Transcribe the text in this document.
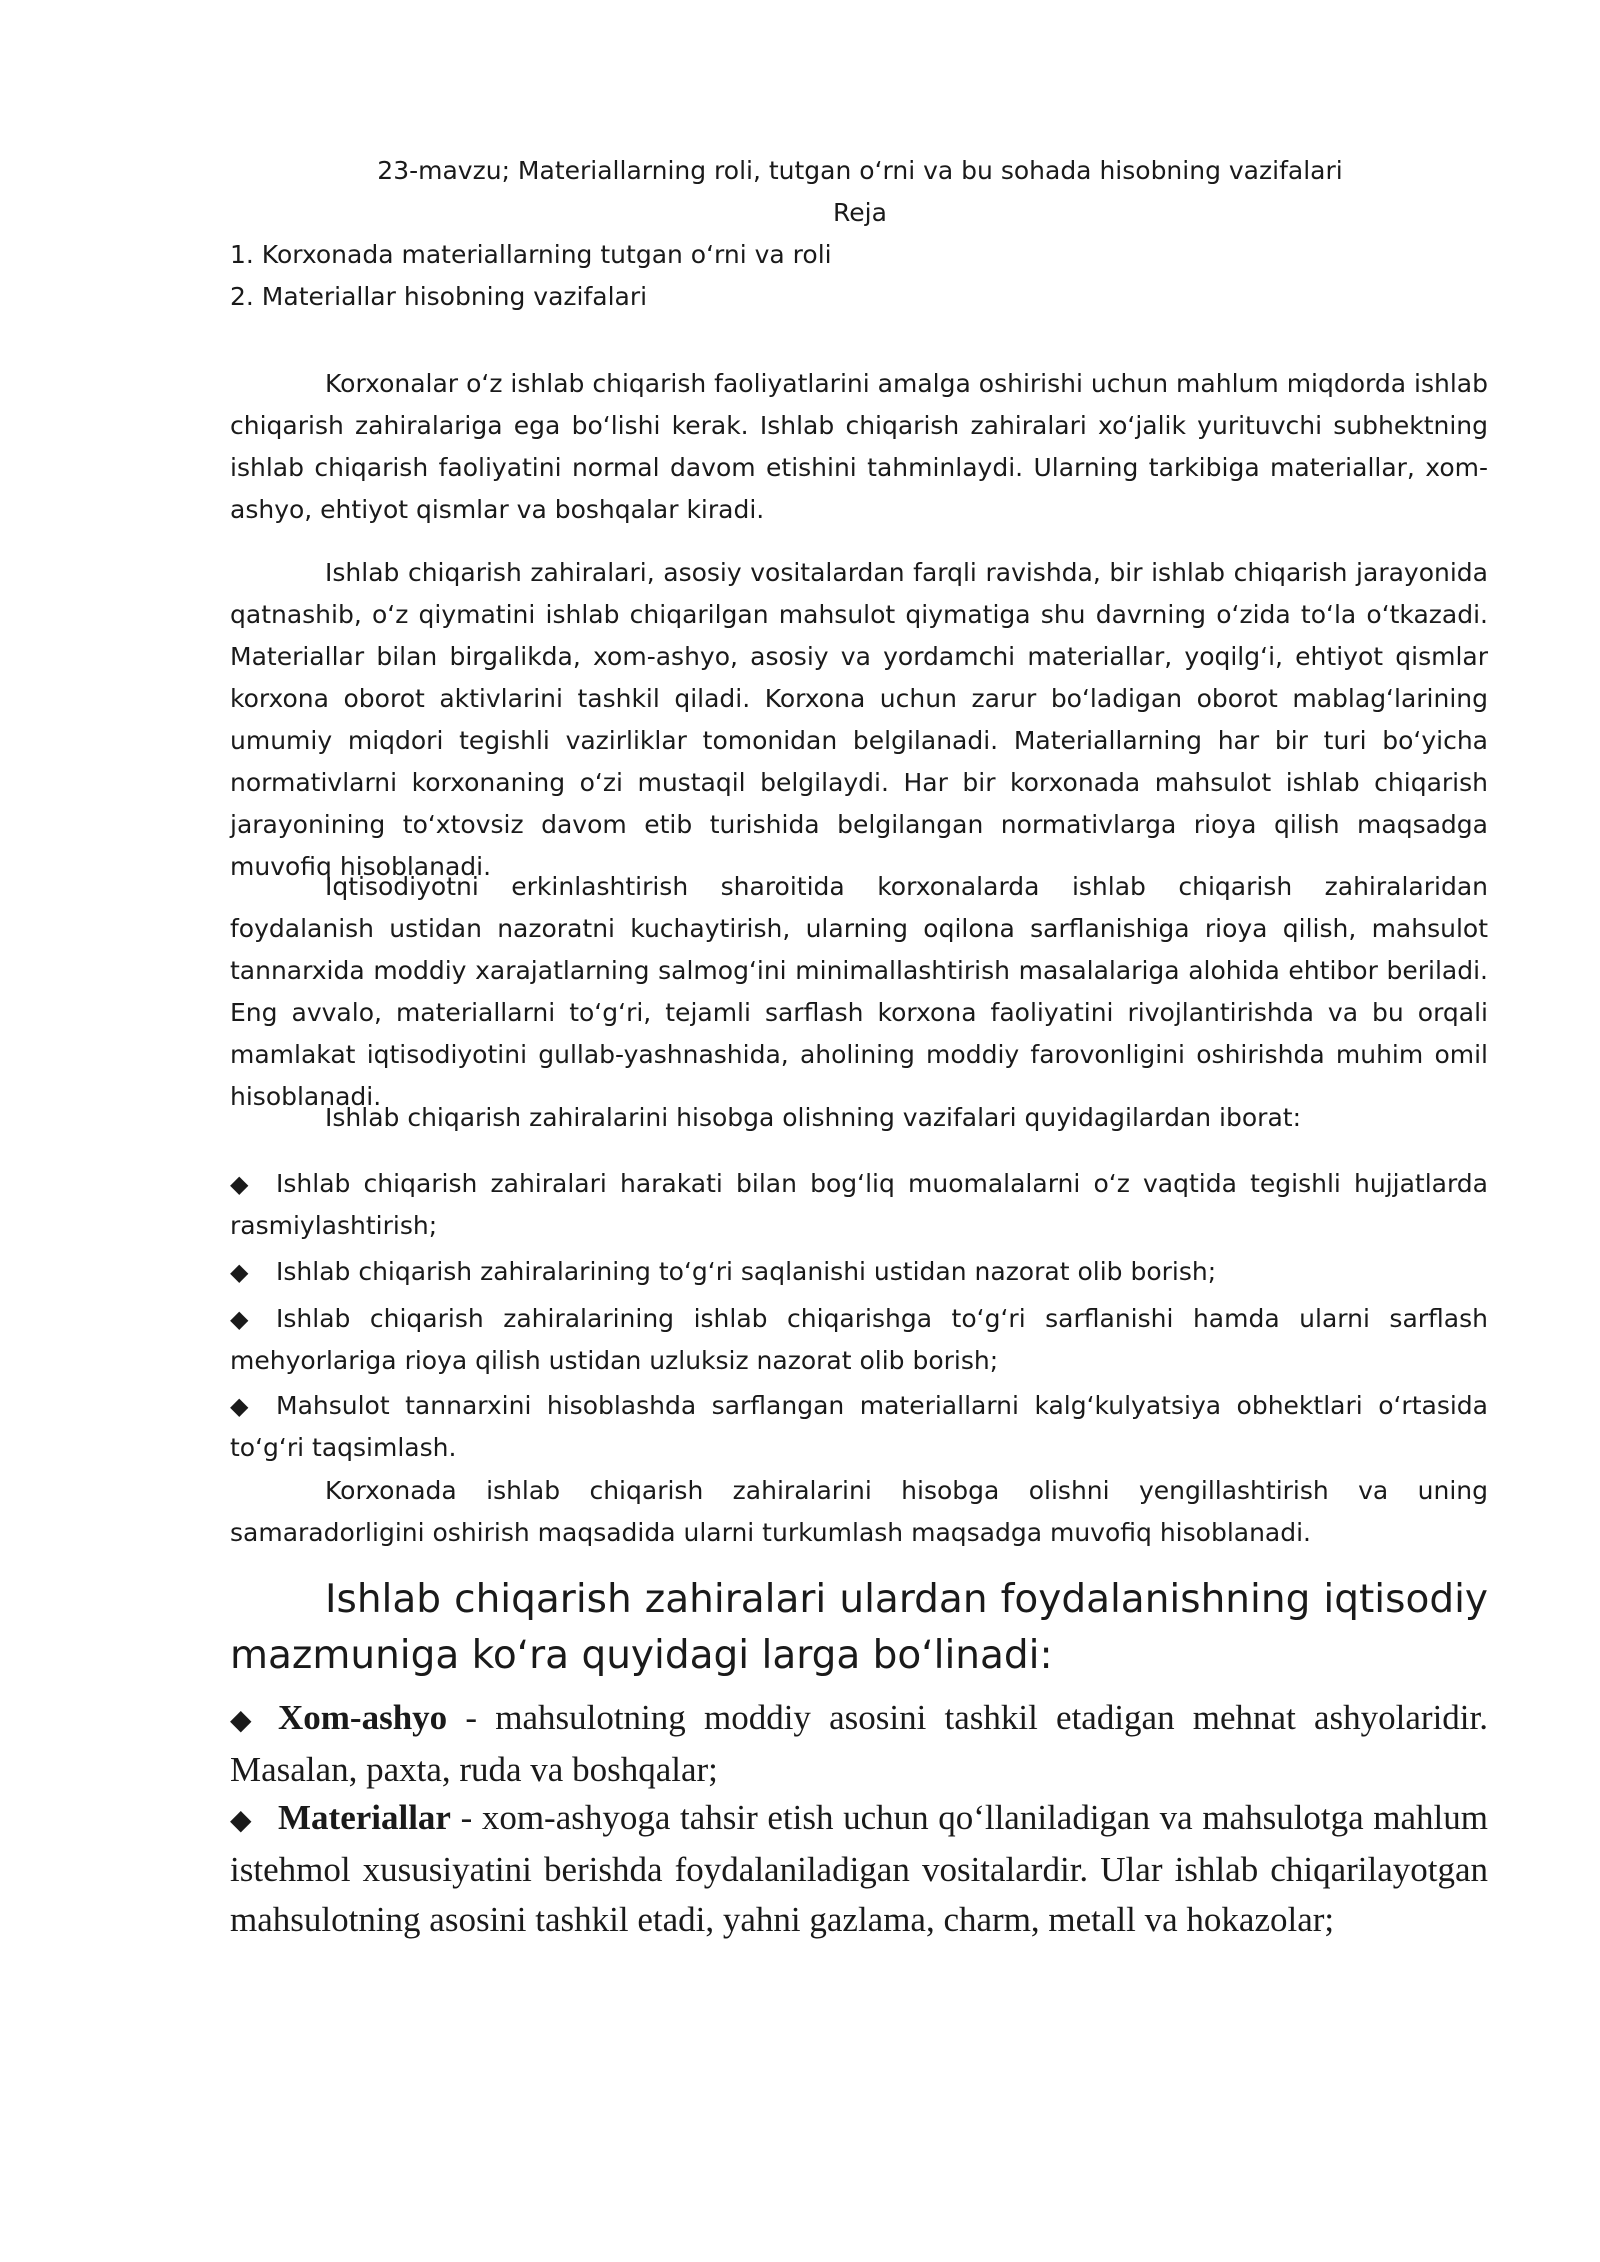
23-mavzu; Materiallarning roli, tutgan oʻrni va bu sohada hisobning vazifalari
Reja
1. Korxonada materiallarning tutgan oʻrni va roli
2. Materiallar hisobning vazifalari

Korxonalar oʻz ishlab chiqarish faoliyatlarini amalga oshirishi uchun mahlum miqdorda ishlab chiqarish zahiralariga ega boʻlishi kerak. Ishlab chiqarish zahiralari xoʻjalik yurituvchi subhektning ishlab chiqarish faoliyatini normal davom etishini tahminlaydi. Ularning tarkibiga materiallar, xom-ashyo, ehtiyot qismlar va boshqalar kiradi.

Ishlab chiqarish zahiralari, asosiy vositalardan farqli ravishda, bir ishlab chiqarish jarayonida qatnashib, oʻz qiymatini ishlab chiqarilgan mahsulot qiymatiga shu davrning oʻzida toʻla oʻtkazadi. Materiallar bilan birgalikda, xom-ashyo, asosiy va yordamchi materiallar, yoqilgʻi, ehtiyot qismlar korxona oborot aktivlarini tashkil qiladi. Korxona uchun zarur boʻladigan oborot mablagʻlarining umumiy miqdori tegishli vazirliklar tomonidan belgilanadi. Materiallarning har bir turi boʻyicha normativlarni korxonaning oʻzi mustaqil belgilaydi. Har bir korxonada mahsulot ishlab chiqarish jarayonining toʻxtovsiz davom etib turishida belgilangan normativlarga rioya qilish maqsadga muvofiq hisoblanadi.

Iqtisodiyotni erkinlashtirish sharoitida korxonalarda ishlab chiqarish zahiralaridan foydalanish ustidan nazoratni kuchaytirish, ularning oqilona sarflanishiga rioya qilish, mahsulot tannarxida moddiy xarajatlarning salmogʻini minimallashtirish masalalariga alohida ehtibor beriladi. Eng avvalo, materiallarni toʻgʻri, tejamli sarflash korxona faoliyatini rivojlantirishda va bu orqali mamlakat iqtisodiyotini gullab-yashnashida, aholining moddiy farovonligini oshirishda muhim omil hisoblanadi.

Ishlab chiqarish zahiralarini hisobga olishning vazifalari quyidagilardan iborat:

◆ Ishlab chiqarish zahiralari harakati bilan bogʻliq muomalalarni oʻz vaqtida tegishli hujjatlarda rasmiylashtirish;
◆ Ishlab chiqarish zahiralarining toʻgʻri saqlanishi ustidan nazorat olib borish;
◆ Ishlab chiqarish zahiralarining ishlab chiqarishga toʻgʻri sarflanishi hamda ularni sarflash mehyorlariga rioya qilish ustidan uzluksiz nazorat olib borish;
◆ Mahsulot tannarxini hisoblashda sarflangan materiallarni kalgʻkulyatsiya obhektlari oʻrtasida toʻgʻri taqsimlash.

Korxonada ishlab chiqarish zahiralarini hisobga olishni yengillashtirish va uning samaradorligini oshirish maqsadida ularni turkumlash maqsadga muvofiq hisoblanadi.

Ishlab chiqarish zahiralari ulardan foydalanishning iqtisodiy mazmuniga koʻra quyidagi larga boʻlinadi:

◆ Xom-ashyo - mahsulotning moddiy asosini tashkil etadigan mehnat ashyolaridir. Masalan, paxta, ruda va boshqalar;
◆ Materiallar - xom-ashyoga tahsir etish uchun qoʻllaniladigan va mahsulotga mahlum istehmol xususiyatini berishda foydalaniladigan vositalardir. Ular ishlab chiqarilayotgan mahsulotning asosini tashkil etadi, yahni gazlama, charm, metall va hokazolar;
